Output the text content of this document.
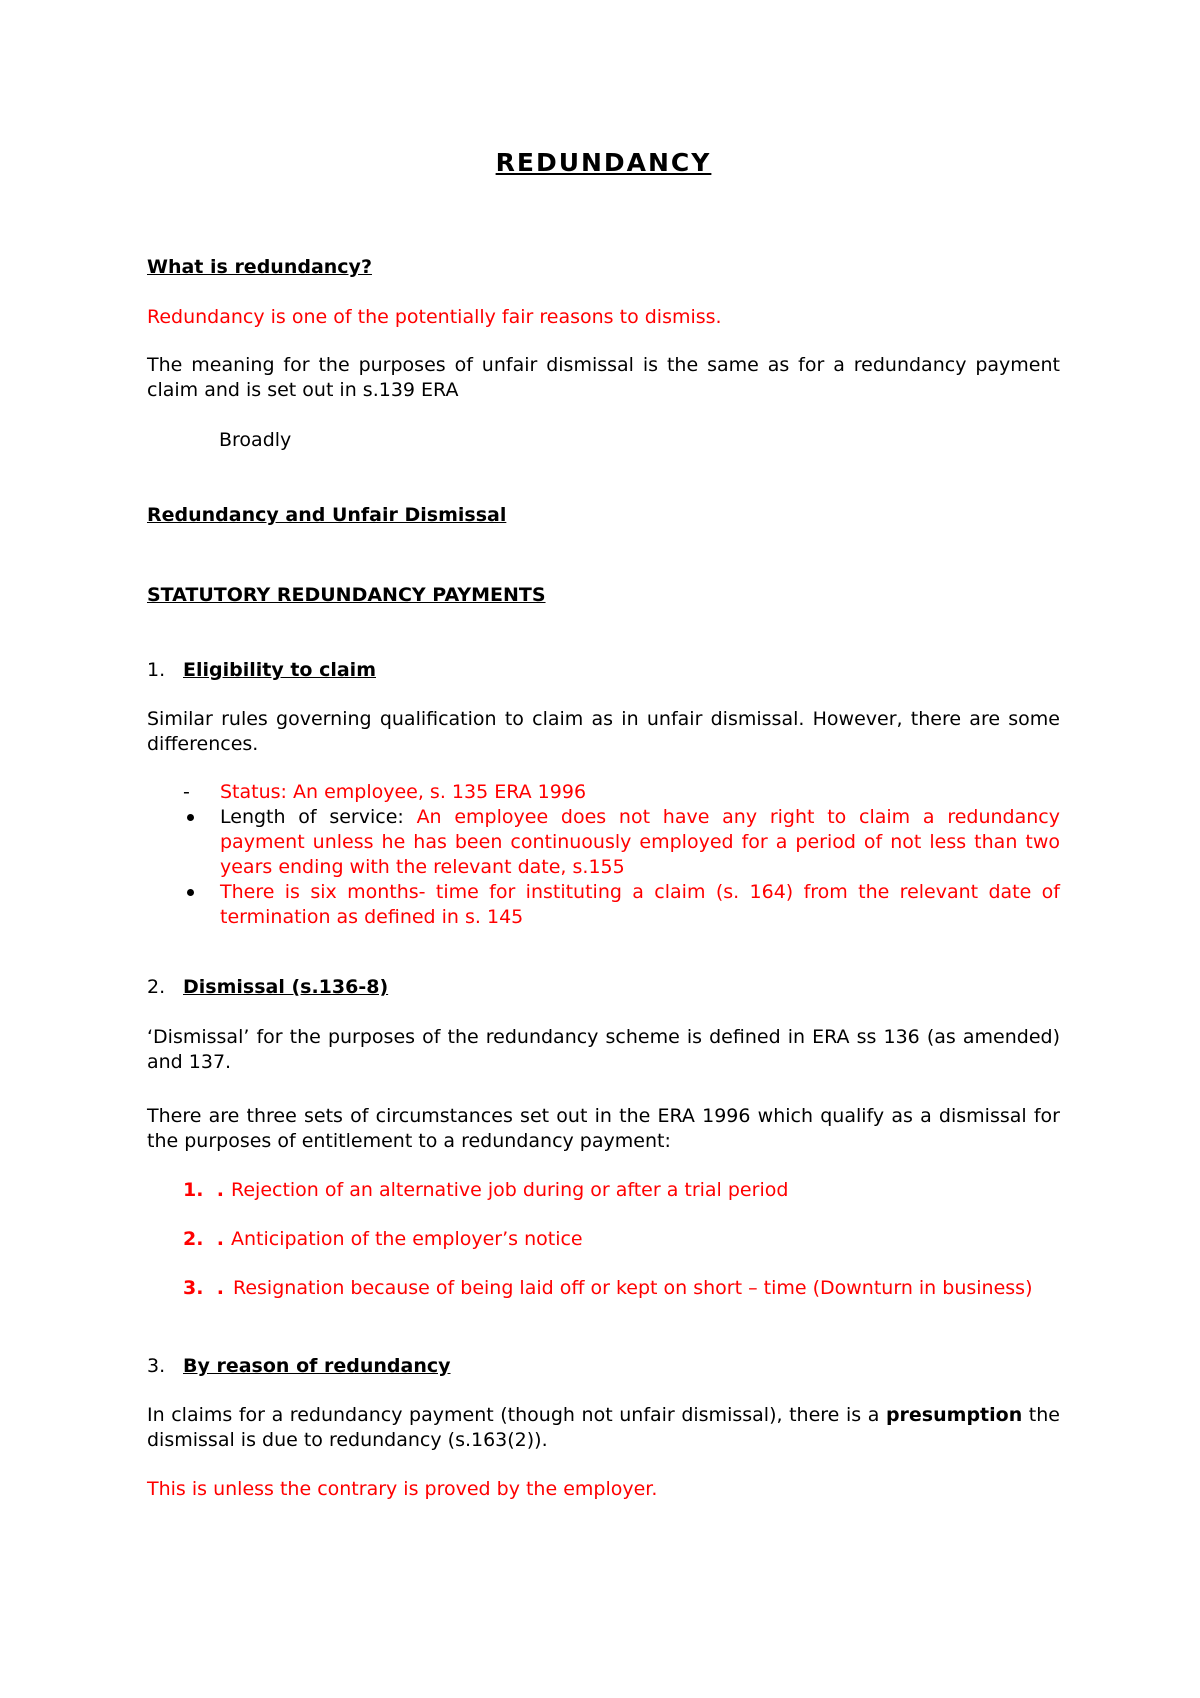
REDUNDANCY
What is redundancy?
Redundancy is one of the potentially fair reasons to dismiss.
The meaning for the purposes of unfair dismissal is the same as for a redundancy payment claim and is set out in s.139 ERA
Broadly
Redundancy and Unfair Dismissal
STATUTORY REDUNDANCY PAYMENTS
1. Eligibility to claim
Similar rules governing qualification to claim as in unfair dismissal. However, there are some differences.
-	Status: An employee, s. 135 ERA 1996
Length of service: An employee does not have any right to claim a redundancy payment unless he has been continuously employed for a period of not less than two years ending with the relevant date, s.155
There is six months- time for instituting a claim (s. 164) from the relevant date of termination as defined in s. 145
2. Dismissal (s.136-8)
‘Dismissal’ for the purposes of the redundancy scheme is defined in ERA ss 136 (as amended) and 137.
There are three sets of circumstances set out in the ERA 1996 which qualify as a dismissal for the purposes of entitlement to a redundancy payment:
1. . Rejection of an alternative job during or after a trial period
2. . Anticipation of the employer’s notice
3. . Resignation because of being laid off or kept on short – time (Downturn in business)
3. By reason of redundancy
In claims for a redundancy payment (though not unfair dismissal), there is a presumption the dismissal is due to redundancy (s.163(2)).
This is unless the contrary is proved by the employer.
